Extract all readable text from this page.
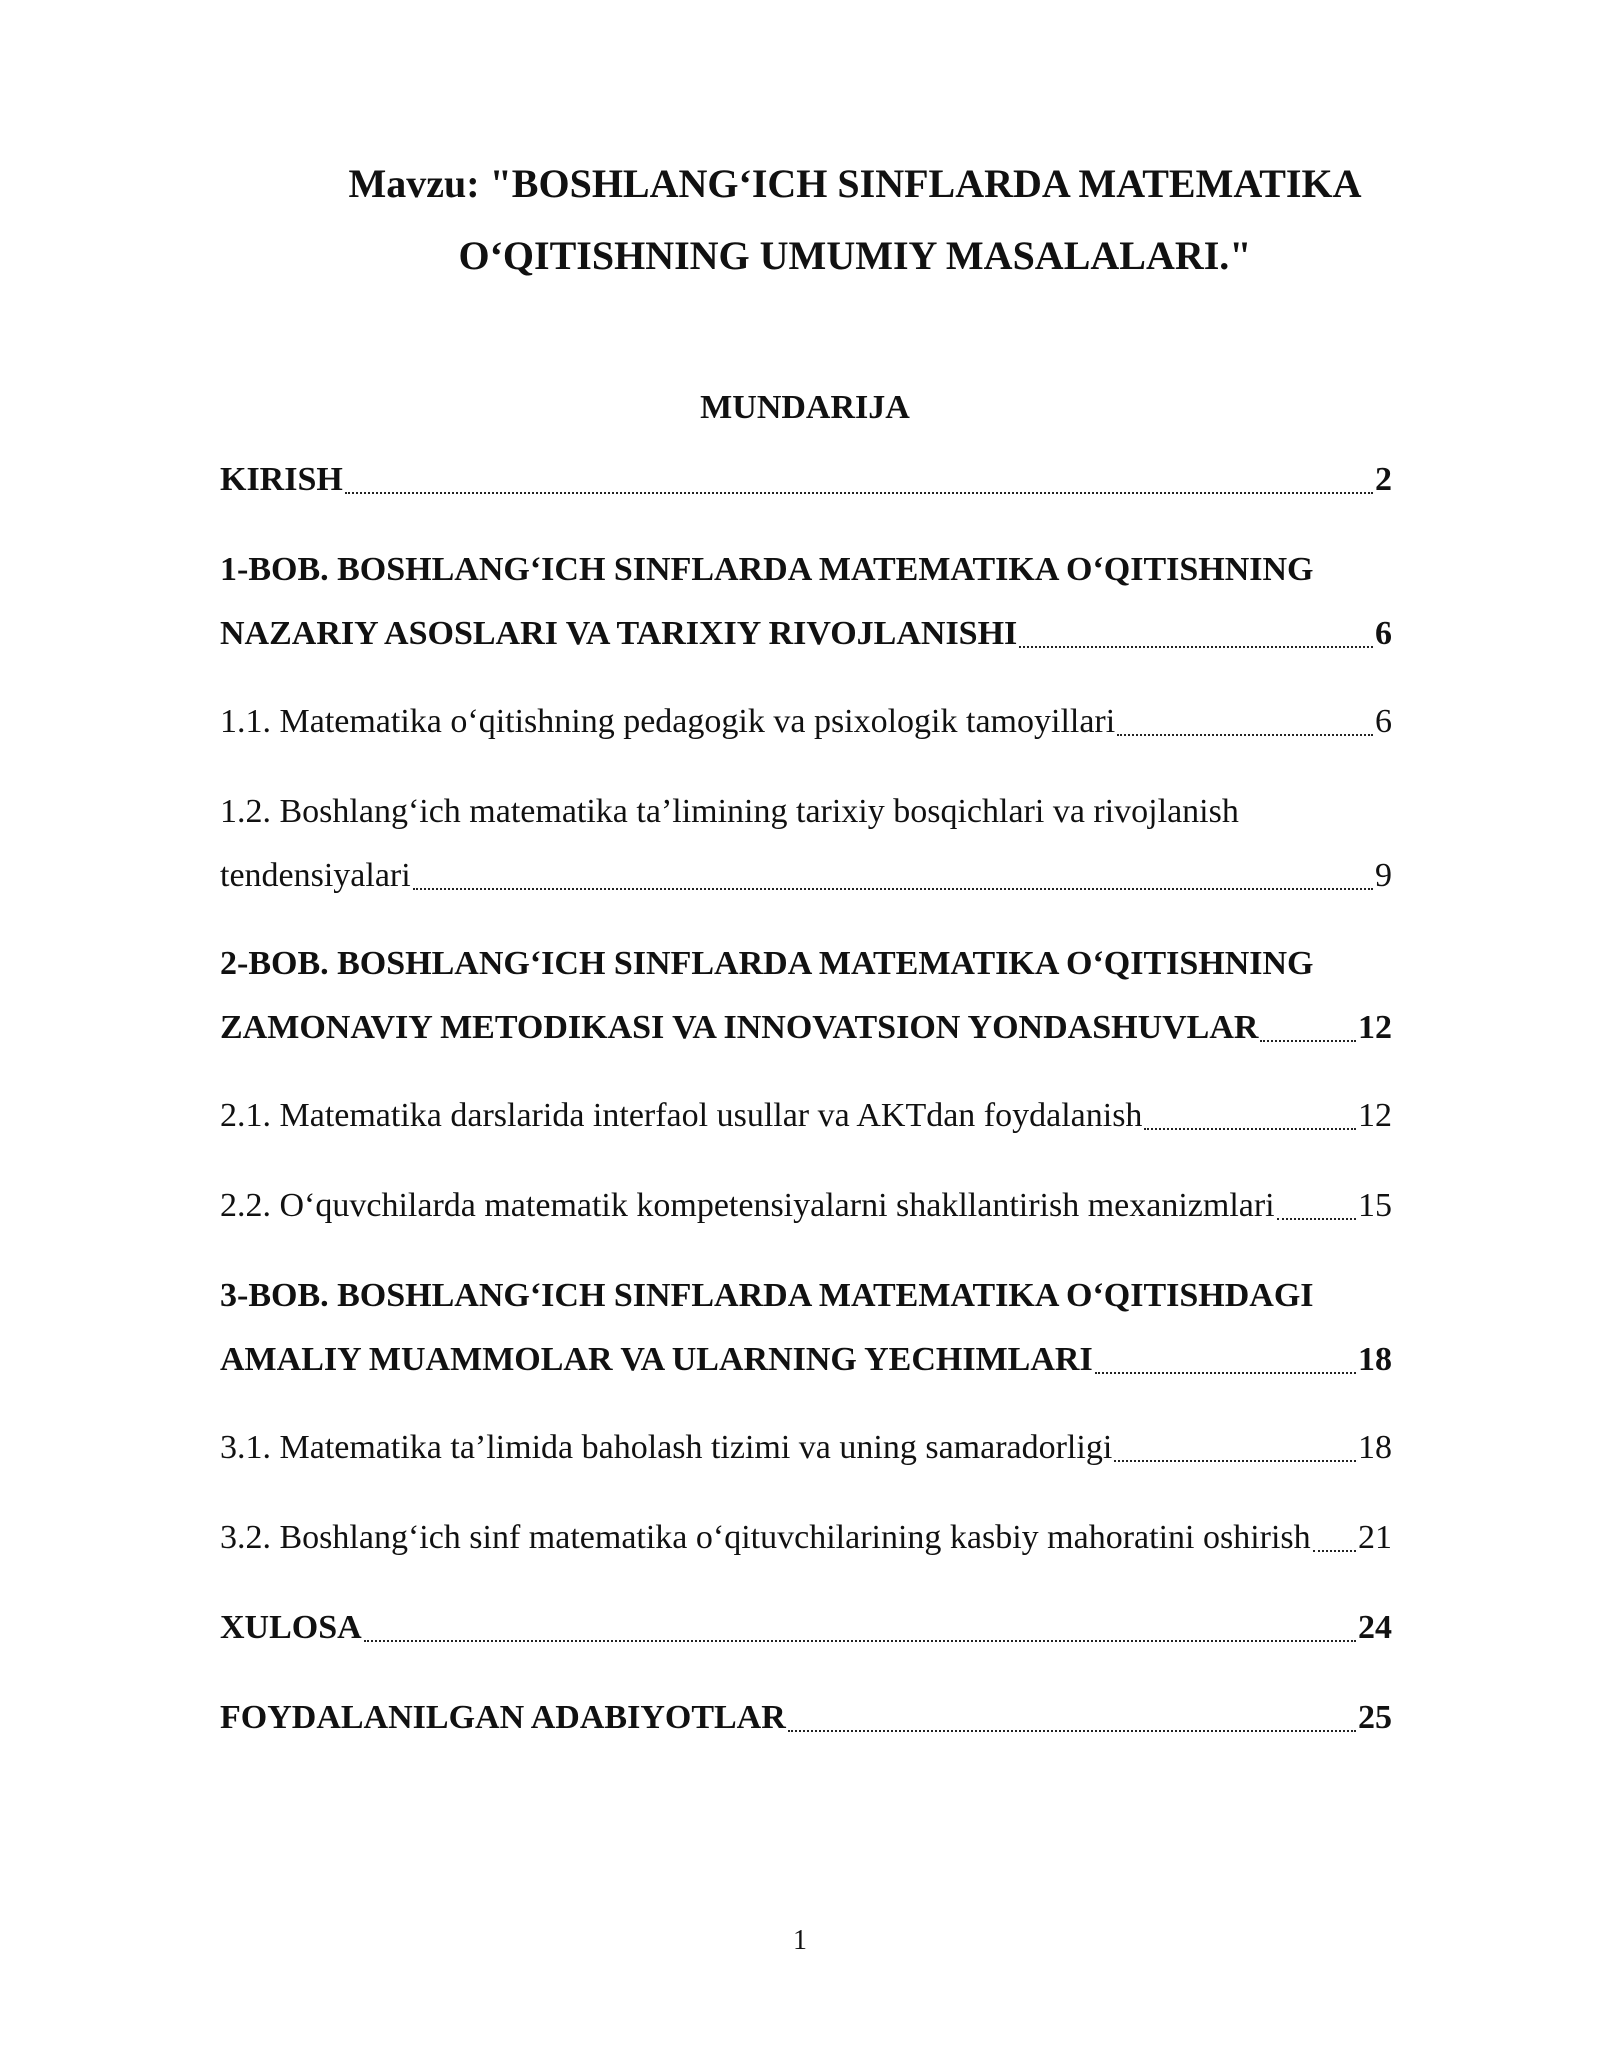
Mavzu: "BOSHLANG‘ICH SINFLARDA MATEMATIKA
O‘QITISHNING UMUMIY MASALALARI."
MUNDARIJA
KIRISH	2
1-BOB. BOSHLANG‘ICH SINFLARDA MATEMATIKA O‘QITISHNING
NAZARIY ASOSLARI VA TARIXIY RIVOJLANISHI	6
1.1. Matematika o‘qitishning pedagogik va psixologik tamoyillari	6
1.2. Boshlang‘ich matematika ta’limining tarixiy bosqichlari va rivojlanish
tendensiyalari	9
2-BOB. BOSHLANG‘ICH SINFLARDA MATEMATIKA O‘QITISHNING
ZAMONAVIY METODIKASI VA INNOVATSION YONDASHUVLAR	12
2.1. Matematika darslarida interfaol usullar va AKTdan foydalanish	12
2.2. O‘quvchilarda matematik kompetensiyalarni shakllantirish mexanizmlari 15
3-BOB. BOSHLANG‘ICH SINFLARDA MATEMATIKA O‘QITISHDAGI
AMALIY MUAMMOLAR VA ULARNING YECHIMLARI	18
3.1. Matematika ta’limida baholash tizimi va uning samaradorligi	18
3.2. Boshlang‘ich sinf matematika o‘qituvchilarining kasbiy mahoratini oshirish 21
XULOSA	24
FOYDALANILGAN ADABIYOTLAR	25
1
